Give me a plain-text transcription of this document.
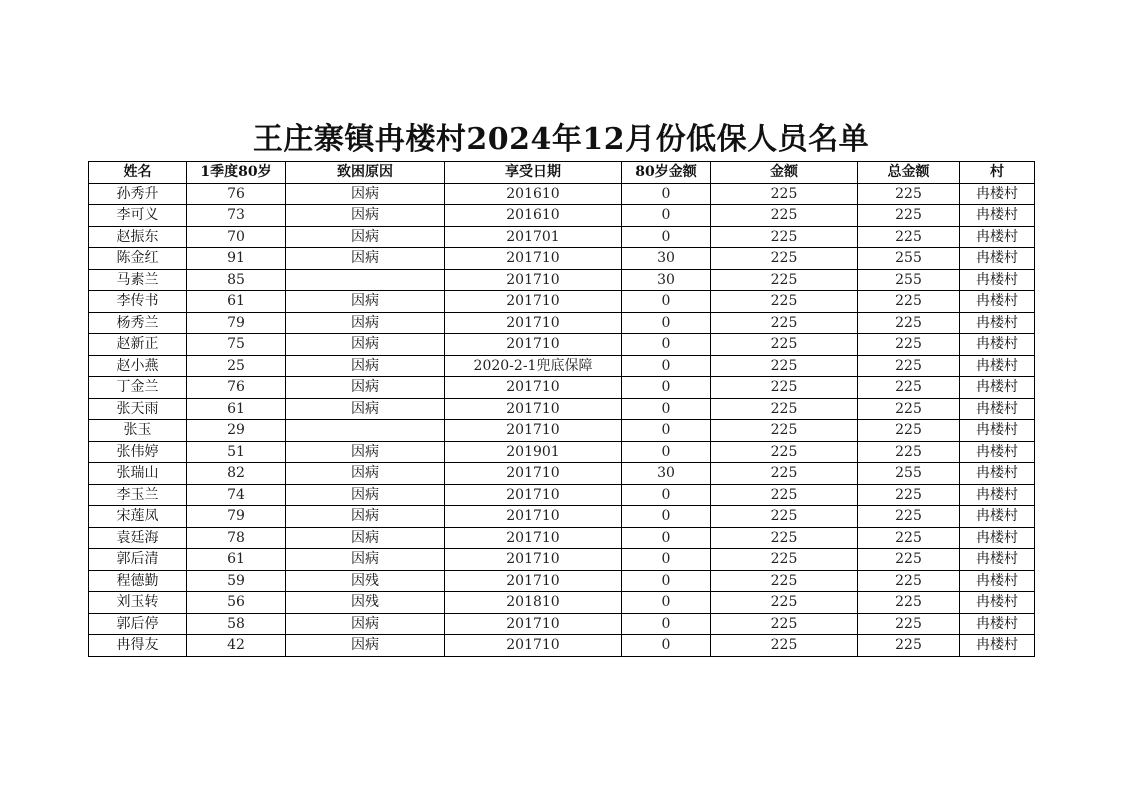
王庄寨镇冉楼村2024年12月份低保人员名单
姓名	1季度80岁	致困原因	享受日期	80岁金额	金额	总金额	村
孙秀升	76	因病	201610	0	225	225	冉楼村
李可义	73	因病	201610	0	225	225	冉楼村
赵振东	70	因病	201701	0	225	225	冉楼村
陈金红	91	因病	201710	30	225	255	冉楼村
马素兰	85		201710	30	225	255	冉楼村
李传书	61	因病	201710	0	225	225	冉楼村
杨秀兰	79	因病	201710	0	225	225	冉楼村
赵新正	75	因病	201710	0	225	225	冉楼村
赵小燕	25	因病	2020-2-1兜底保障	0	225	225	冉楼村
丁金兰	76	因病	201710	0	225	225	冉楼村
张天雨	61	因病	201710	0	225	225	冉楼村
张玉	29		201710	0	225	225	冉楼村
张伟婷	51	因病	201901	0	225	225	冉楼村
张瑞山	82	因病	201710	30	225	255	冉楼村
李玉兰	74	因病	201710	0	225	225	冉楼村
宋莲凤	79	因病	201710	0	225	225	冉楼村
袁廷海	78	因病	201710	0	225	225	冉楼村
郭后清	61	因病	201710	0	225	225	冉楼村
程德勤	59	因残	201710	0	225	225	冉楼村
刘玉转	56	因残	201810	0	225	225	冉楼村
郭后停	58	因病	201710	0	225	225	冉楼村
冉得友	42	因病	201710	0	225	225	冉楼村
